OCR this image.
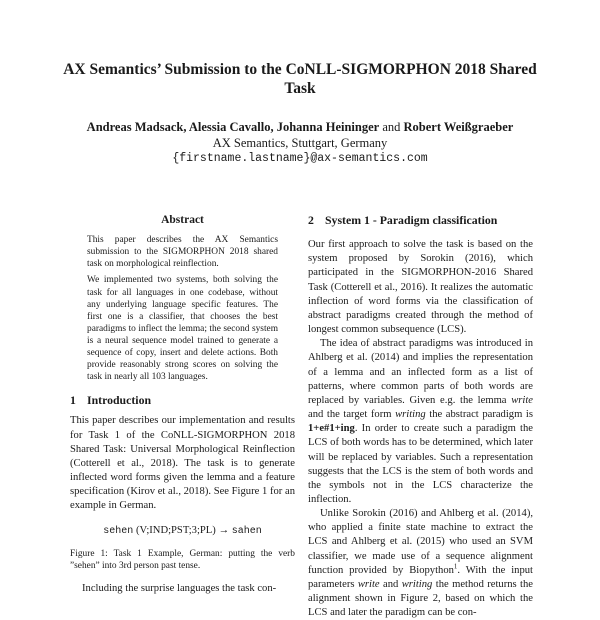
AX Semantics’ Submission to the CoNLL-SIGMORPHON 2018 Shared Task
Andreas Madsack, Alessia Cavallo, Johanna Heininger and Robert Weißgraeber
AX Semantics, Stuttgart, Germany
{firstname.lastname}@ax-semantics.com
Abstract

This paper describes the AX Semantics submission to the SIGMORPHON 2018 shared task on morphological reinflection.

We implemented two systems, both solving the task for all languages in one codebase, without any underlying language specific features. The first one is a classifier, that chooses the best paradigms to inflect the lemma; the second system is a neural sequence model trained to generate a sequence of copy, insert and delete actions. Both provide reasonably strong scores on solving the task in nearly all 103 languages.

1 Introduction

This paper describes our implementation and results for Task 1 of the CoNLL-SIGMORPHON 2018 Shared Task: Universal Morphological Reinflection (Cotterell et al., 2018). The task is to generate inflected word forms given the lemma and a feature specification (Kirov et al., 2018). See Figure 1 for an example in German.

sehen (V;IND;PST;3;PL) → sahen

Figure 1: Task 1 Example, German: putting the verb ”sehen” into 3rd person past tense.

Including the surprise languages the task con-

2 System 1 - Paradigm classification

Our first approach to solve the task is based on the system proposed by Sorokin (2016), which participated in the SIGMORPHON-2016 Shared Task (Cotterell et al., 2016). It realizes the automatic inflection of word forms via the classification of abstract paradigms created through the method of longest common subsequence (LCS).

The idea of abstract paradigms was introduced in Ahlberg et al. (2014) and implies the representation of a lemma and an inflected form as a list of patterns, where common parts of both words are replaced by variables. Given e.g. the lemma write and the target form writing the abstract paradigm is 1+e#1+ing. In order to create such a paradigm the LCS of both words has to be determined, which later will be replaced by variables. Such a representation suggests that the LCS is the stem of both words and the symbols not in the LCS characterize the inflection.

Unlike Sorokin (2016) and Ahlberg et al. (2014), who applied a finite state machine to extract the LCS and Ahlberg et al. (2015) who used an SVM classifier, we made use of a sequence alignment function provided by Biopython$^1$. With the input parameters write and writing the method returns the alignment shown in Figure 2, based on which the LCS and later the paradigm can be con-
